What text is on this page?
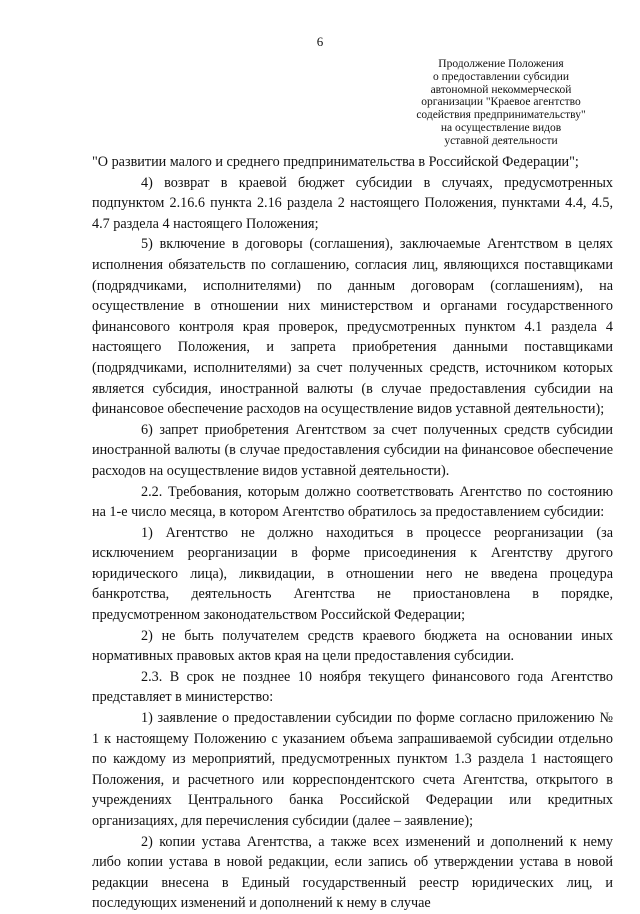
6
Продолжение Положения
о предоставлении субсидии
автономной некоммерческой
организации "Краевое агентство
содействия предпринимательству"
на осуществление видов
уставной деятельности

"О развитии малого и среднего предпринимательства в Российской Федерации";

4) возврат в краевой бюджет субсидии в случаях, предусмотренных подпунктом 2.16.6 пункта 2.16 раздела 2 настоящего Положения, пунктами 4.4, 4.5, 4.7 раздела 4 настоящего Положения;

5) включение в договоры (соглашения), заключаемые Агентством в целях исполнения обязательств по соглашению, согласия лиц, являющихся поставщиками (подрядчиками, исполнителями) по данным договорам (соглашениям), на осуществление в отношении них министерством и органами государственного финансового контроля края проверок, предусмотренных пунктом 4.1 раздела 4 настоящего Положения, и запрета приобретения данными поставщиками (подрядчиками, исполнителями) за счет полученных средств, источником которых является субсидия, иностранной валюты (в случае предоставления субсидии на финансовое обеспечение расходов на осуществление видов уставной деятельности);

6) запрет приобретения Агентством за счет полученных средств субсидии иностранной валюты (в случае предоставления субсидии на финансовое обеспечение расходов на осуществление видов уставной деятельности).

2.2. Требования, которым должно соответствовать Агентство по состоянию на 1-е число месяца, в котором Агентство обратилось за предоставлением субсидии:

1) Агентство не должно находиться в процессе реорганизации (за исключением реорганизации в форме присоединения к Агентству другого юридического лица), ликвидации, в отношении него не введена процедура банкротства, деятельность Агентства не приостановлена в порядке, предусмотренном законодательством Российской Федерации;

2) не быть получателем средств краевого бюджета на основании иных нормативных правовых актов края на цели предоставления субсидии.

2.3. В срок не позднее 10 ноября текущего финансового года Агентство представляет в министерство:

1) заявление о предоставлении субсидии по форме согласно приложению № 1 к настоящему Положению с указанием объема запрашиваемой субсидии отдельно по каждому из мероприятий, предусмотренных пунктом 1.3 раздела 1 настоящего Положения, и расчетного или корреспондентского счета Агентства, открытого в учреждениях Центрального банка Российской Федерации или кредитных организациях, для перечисления субсидии (далее – заявление);

2) копии устава Агентства, а также всех изменений и дополнений к нему либо копии устава в новой редакции, если запись об утверждении устава в новой редакции внесена в Единый государственный реестр юридических лиц, и последующих изменений и дополнений к нему в случае
